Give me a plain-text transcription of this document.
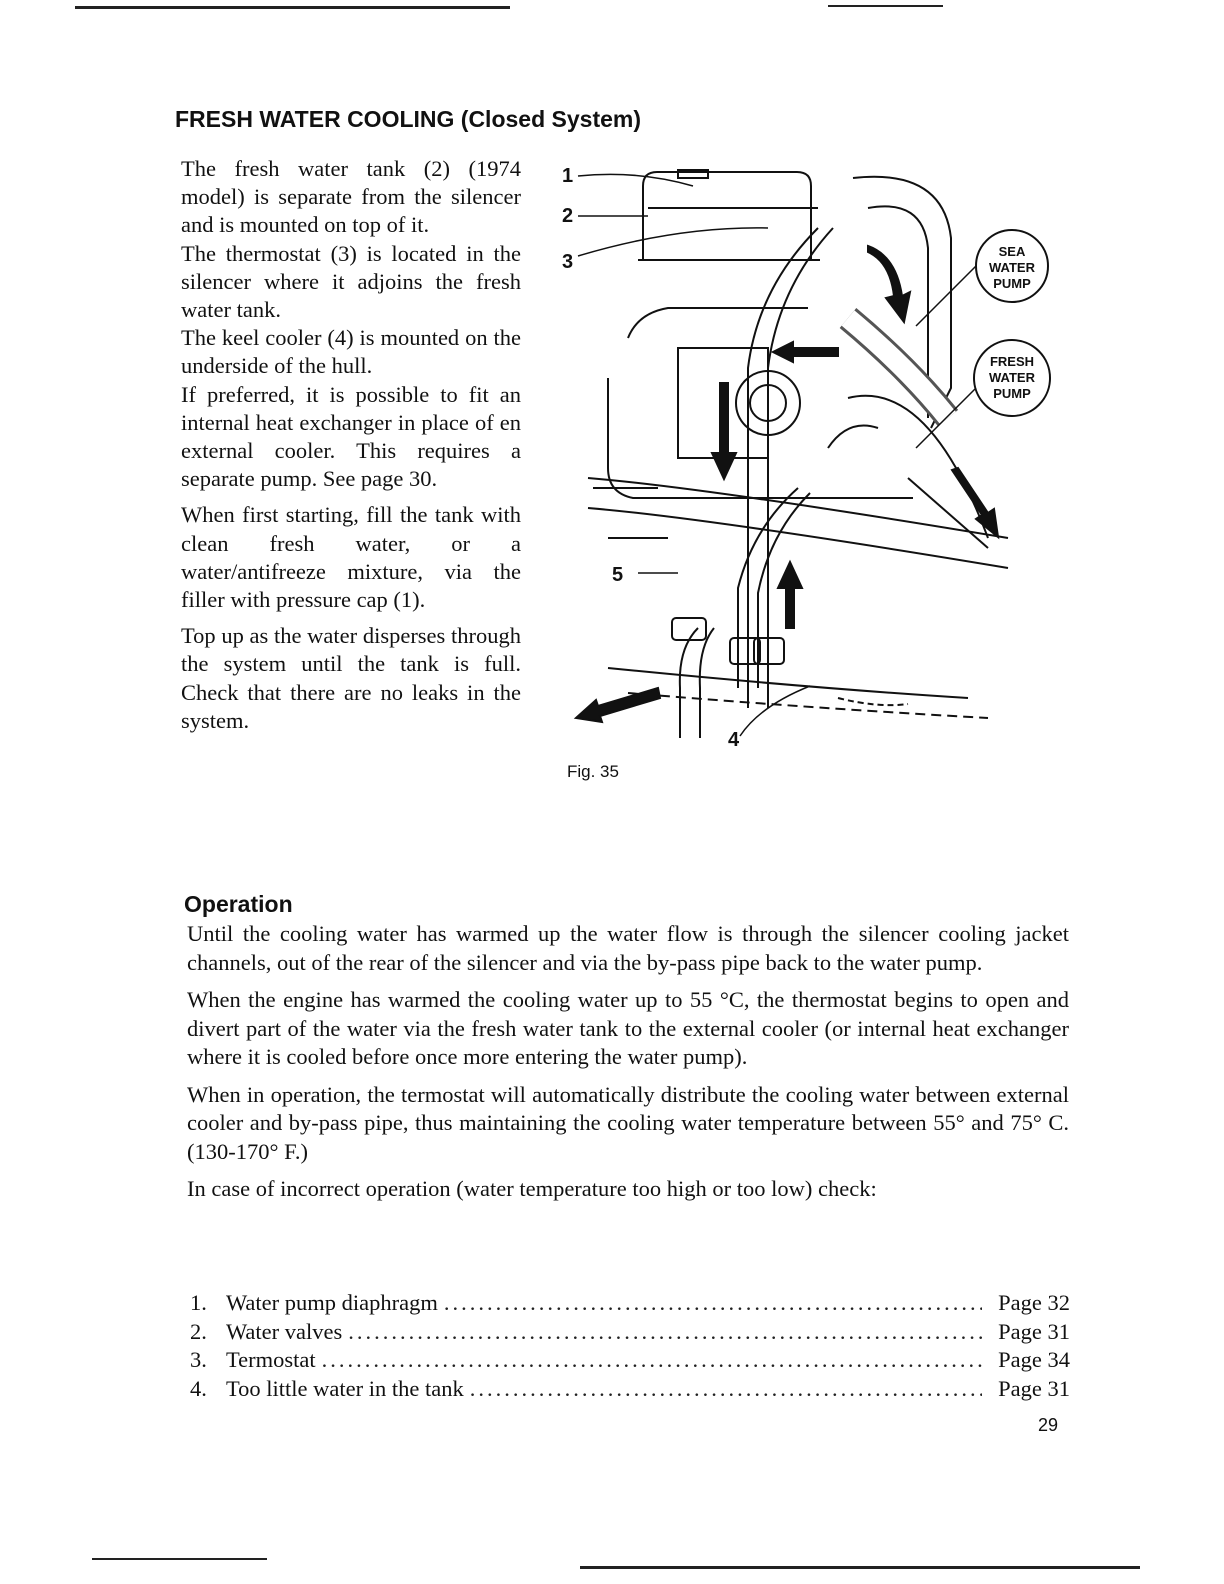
FRESH WATER COOLING (Closed System)

The fresh water tank (2) (1974 model) is separate from the silencer and is mounted on top of it.

The thermostat (3) is located in the silencer where it adjoins the fresh water tank.

The keel cooler (4) is mounted on the underside of the hull.

If preferred, it is possible to fit an internal heat exchanger in place of en external cooler. This requires a separate pump. See page 30.

When first starting, fill the tank with clean fresh water, or a water/antifreeze mixture, via the filler with pressure cap (1).

Top up as the water disperses through the system until the tank is full. Check that there are no leaks in the system.

1
2
3
4
5
SEA
WATER
PUMP
FRESH
WATER
PUMP
Fig. 35
Operation

Until the cooling water has warmed up the water flow is through the silencer cooling jacket channels, out of the rear of the silencer and via the by-pass pipe back to the water pump.

When the engine has warmed the cooling water up to 55 °C, the thermostat begins to open and divert part of the water via the fresh water tank to the external cooler (or internal heat exchanger where it is cooled before once more entering the water pump).

When in operation, the termostat will automatically distribute the cooling water between external cooler and by-pass pipe, thus maintaining the cooling water temperature between 55° and 75° C. (130-170° F.)

In case of incorrect operation (water temperature too high or too low) check:

1. Water pump diaphragm .....	Page 32
2. Water valves .....	Page 31
3. Termostat .....	Page 34
4. Too little water in the tank .....	Page 31
29
